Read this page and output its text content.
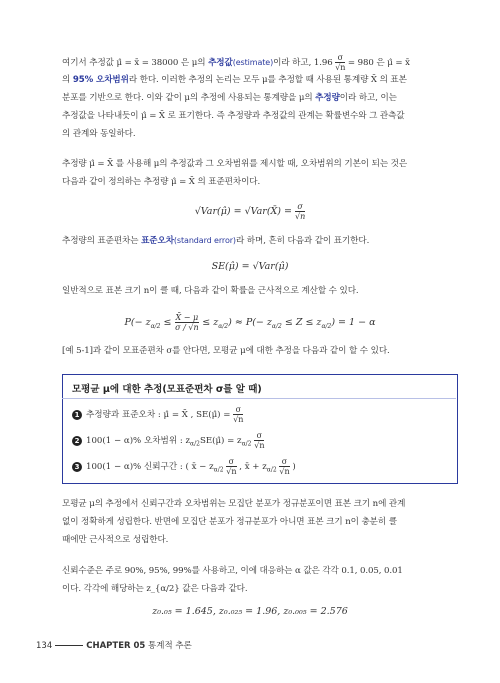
여기서 추정값 μ̂ = x̄ = 38000 은 μ의 추정값(estimate)이라 하고, $1.96 \frac{\sigma}{√n} = 980$ 은 μ̂ = x̄

의 95% 오차범위라 한다. 이러한 추정의 논리는 모두 μ를 추정할 때 사용된 통계량 X̄ 의 표본

분포를 기반으로 한다. 이와 같이 μ의 추정에 사용되는 통계량을 μ의 추정량이라 하고, 이는

추정값을 나타내듯이 μ̂ = X̄ 로 표기한다. 즉 추정량과 추정값의 관계는 확률변수와 그 관측값

의 관계와 동일하다.

추정량 μ̂ = X̄ 를 사용해 μ의 추정값과 그 오차범위를 제시할 때, 오차범위의 기본이 되는 것은

다음과 같이 정의하는 추정량 μ̂ = X̄ 의 표준편차이다.

√Var(μ̂) = √Var(X̄) = $\frac{\sigma}{√n}$

추정량의 표준편차는 표준오차(standard error)라 하며, 흔히 다음과 같이 표기한다.

SE(μ̂) = √Var(μ̂)

일반적으로 표본 크기 n이 클 때, 다음과 같이 확률을 근사적으로 계산할 수 있다.

$P(- z_{\alpha/2} \le \frac{X̄ - \mu}{\sigma / √n} \le z_{\alpha/2}) \approx P(- z_{\alpha/2} \le Z \le z_{\alpha/2}) = 1 - \alpha$

[예 5-1]과 같이 모표준편차 σ를 안다면, 모평균 μ에 대한 추정을 다음과 같이 할 수 있다.

모평균 μ에 대한 추정(모표준편차 σ를 알 때)
1 추정량과 표준오차 : μ̂ = X̄ , SE(μ̂) = $\frac{\sigma}{√n}$
2 100(1 − α)% 오차범위 : $z_{\alpha/2}SE(\mû) = z_{\alpha/2} \frac{\sigma}{√n}$
3 100(1 − α)% 신뢰구간 : ( x̄ − $z_{\alpha/2} \frac{\sigma}{√n}$ , x̄ + $z_{\alpha/2} \frac{\sigma}{√n}$ )

모평균 μ의 추정에서 신뢰구간과 오차범위는 모집단 분포가 정규분포이면 표본 크기 n에 관계

없이 정확하게 성립한다. 반면에 모집단 분포가 정규분포가 아니면 표본 크기 n이 충분히 클

때에만 근사적으로 성립한다.

신뢰수준은 주로 90%, 95%, 99%를 사용하고, 이에 대응하는 α 값은 각각 0.1, 0.05, 0.01

이다. 각각에 해당하는 z_{α/2} 값은 다음과 같다.

z₀.₀₅ = 1.645, z₀.₀₂₅ = 1.96, z₀.₀₀₅ = 2.576
134	CHAPTER 05 통계적 추론
